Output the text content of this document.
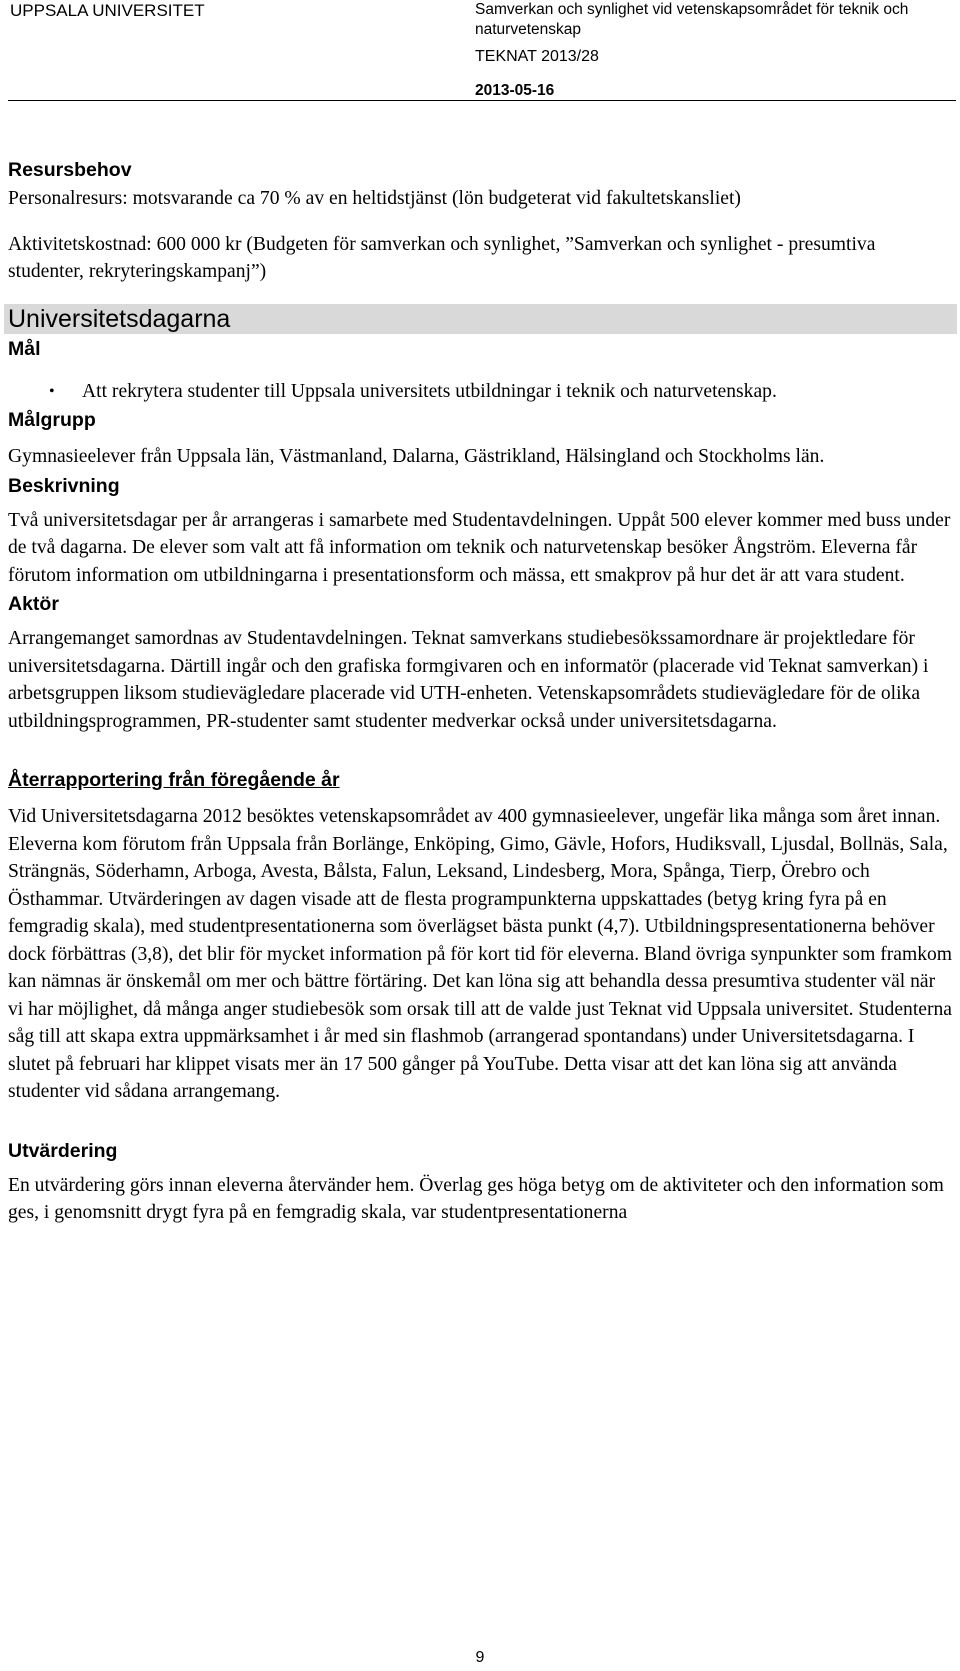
UPPSALA UNIVERSITET	Samverkan och synlighet vid vetenskapsområdet för teknik och naturvetenskap
TEKNAT 2013/28
2013-05-16
Resursbehov

Personalresurs: motsvarande ca 70 % av en heltidstjänst (lön budgeterat vid fakultetskansliet)

Aktivitetskostnad: 600 000 kr (Budgeten för samverkan och synlighet, ”Samverkan och synlighet - presumtiva studenter, rekryteringskampanj”)

Universitetsdagarna
Mål
• Att rekrytera studenter till Uppsala universitets utbildningar i teknik och naturvetenskap.
Målgrupp

Gymnasieelever från Uppsala län, Västmanland, Dalarna, Gästrikland, Hälsingland och Stockholms län.

Beskrivning

Två universitetsdagar per år arrangeras i samarbete med Studentavdelningen. Uppåt 500 elever kommer med buss under de två dagarna. De elever som valt att få information om teknik och naturvetenskap besöker Ångström. Eleverna får förutom information om utbildningarna i presentationsform och mässa, ett smakprov på hur det är att vara student.

Aktör

Arrangemanget samordnas av Studentavdelningen. Teknat samverkans studiebesökssamordnare är projektledare för universitetsdagarna. Därtill ingår och den grafiska formgivaren och en informatör (placerade vid Teknat samverkan) i arbetsgruppen liksom studievägledare placerade vid UTH-enheten. Vetenskapsområdets studievägledare för de olika utbildningsprogrammen, PR-studenter samt studenter medverkar också under universitetsdagarna.

Återrapportering från föregående år

Vid Universitetsdagarna 2012 besöktes vetenskapsområdet av 400 gymnasieelever, ungefär lika många som året innan. Eleverna kom förutom från Uppsala från Borlänge, Enköping, Gimo, Gävle, Hofors, Hudiksvall, Ljusdal, Bollnäs, Sala, Strängnäs, Söderhamn, Arboga, Avesta, Bålsta, Falun, Leksand, Lindesberg, Mora, Spånga, Tierp, Örebro och Östhammar. Utvärderingen av dagen visade att de flesta programpunkterna uppskattades (betyg kring fyra på en femgradig skala), med studentpresentationerna som överlägset bästa punkt (4,7). Utbildningspresentationerna behöver dock förbättras (3,8), det blir för mycket information på för kort tid för eleverna. Bland övriga synpunkter som framkom kan nämnas är önskemål om mer och bättre förtäring. Det kan löna sig att behandla dessa presumtiva studenter väl när vi har möjlighet, då många anger studiebesök som orsak till att de valde just Teknat vid Uppsala universitet. Studenterna såg till att skapa extra uppmärksamhet i år med sin flashmob (arrangerad spontandans) under Universitetsdagarna. I slutet på februari har klippet visats mer än 17 500 gånger på YouTube. Detta visar att det kan löna sig att använda studenter vid sådana arrangemang.

Utvärdering

En utvärdering görs innan eleverna återvänder hem. Överlag ges höga betyg om de aktiviteter och den information som ges, i genomsnitt drygt fyra på en femgradig skala, var studentpresentationerna

9
